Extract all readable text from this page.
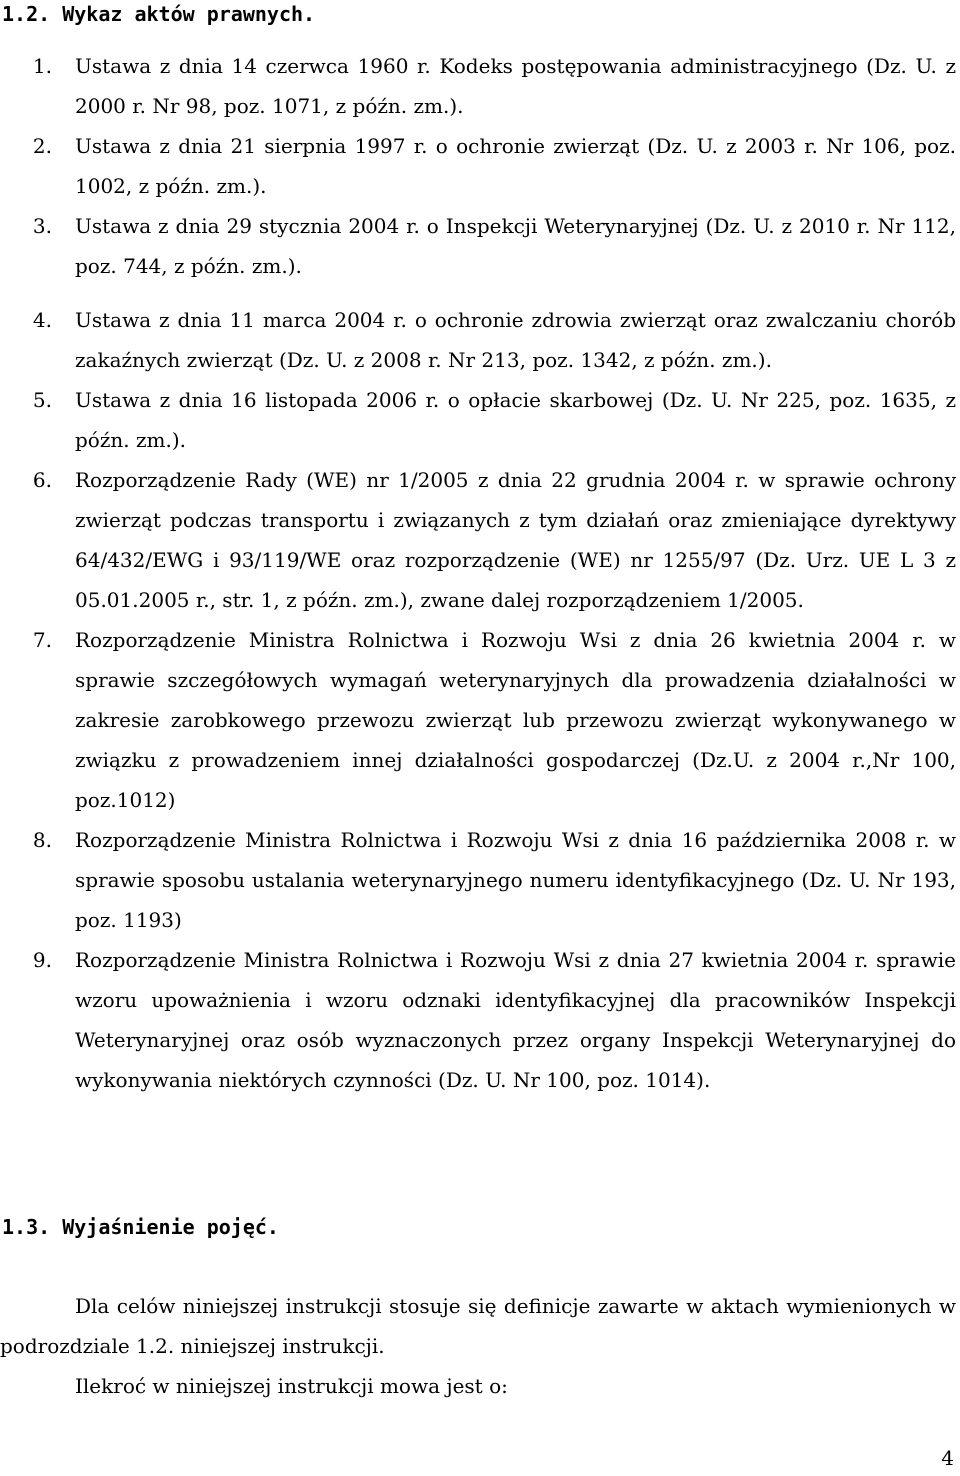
1.2. Wykaz aktów prawnych.
1. Ustawa z dnia 14 czerwca 1960 r. Kodeks postępowania administracyjnego (Dz. U. z 2000 r. Nr 98, poz. 1071, z późn. zm.).
2. Ustawa z dnia 21 sierpnia 1997 r. o ochronie zwierząt (Dz. U. z 2003 r. Nr 106, poz. 1002, z późn. zm.).
3. Ustawa z dnia 29 stycznia 2004 r. o Inspekcji Weterynaryjnej (Dz. U. z 2010 r. Nr 112, poz. 744, z późn. zm.).
4. Ustawa z dnia 11 marca 2004 r. o ochronie zdrowia zwierząt oraz zwalczaniu chorób zakaźnych zwierząt (Dz. U. z 2008 r. Nr 213, poz. 1342, z późn. zm.).
5. Ustawa z dnia 16 listopada 2006 r. o opłacie skarbowej (Dz. U. Nr 225, poz. 1635, z późn. zm.).
6. Rozporządzenie Rady (WE) nr 1/2005 z dnia 22 grudnia 2004 r. w sprawie ochrony zwierząt podczas transportu i związanych z tym działań oraz zmieniające dyrektywy 64/432/EWG i 93/119/WE oraz rozporządzenie (WE) nr 1255/97 (Dz. Urz. UE L 3 z 05.01.2005 r., str. 1, z późn. zm.), zwane dalej rozporządzeniem 1/2005.
7. Rozporządzenie Ministra Rolnictwa i Rozwoju Wsi z dnia 26 kwietnia 2004 r. w sprawie szczegółowych wymagań weterynaryjnych dla prowadzenia działalności w zakresie zarobkowego przewozu zwierząt lub przewozu zwierząt wykonywanego w związku z prowadzeniem innej działalności gospodarczej (Dz.U. z 2004 r.,Nr 100, poz.1012)
8. Rozporządzenie Ministra Rolnictwa i Rozwoju Wsi z dnia 16 października 2008 r. w sprawie sposobu ustalania weterynaryjnego numeru identyfikacyjnego (Dz. U. Nr 193, poz. 1193)
9. Rozporządzenie Ministra Rolnictwa i Rozwoju Wsi z dnia 27 kwietnia 2004 r. sprawie wzoru upoważnienia i wzoru odznaki identyfikacyjnej dla pracowników Inspekcji Weterynaryjnej oraz osób wyznaczonych przez organy Inspekcji Weterynaryjnej do wykonywania niektórych czynności (Dz. U. Nr 100, poz. 1014).
1.3. Wyjaśnienie pojęć.
Dla celów niniejszej instrukcji stosuje się definicje zawarte w aktach wymienionych w podrozdziale 1.2. niniejszej instrukcji.
Ilekroć w niniejszej instrukcji mowa jest o:
4
